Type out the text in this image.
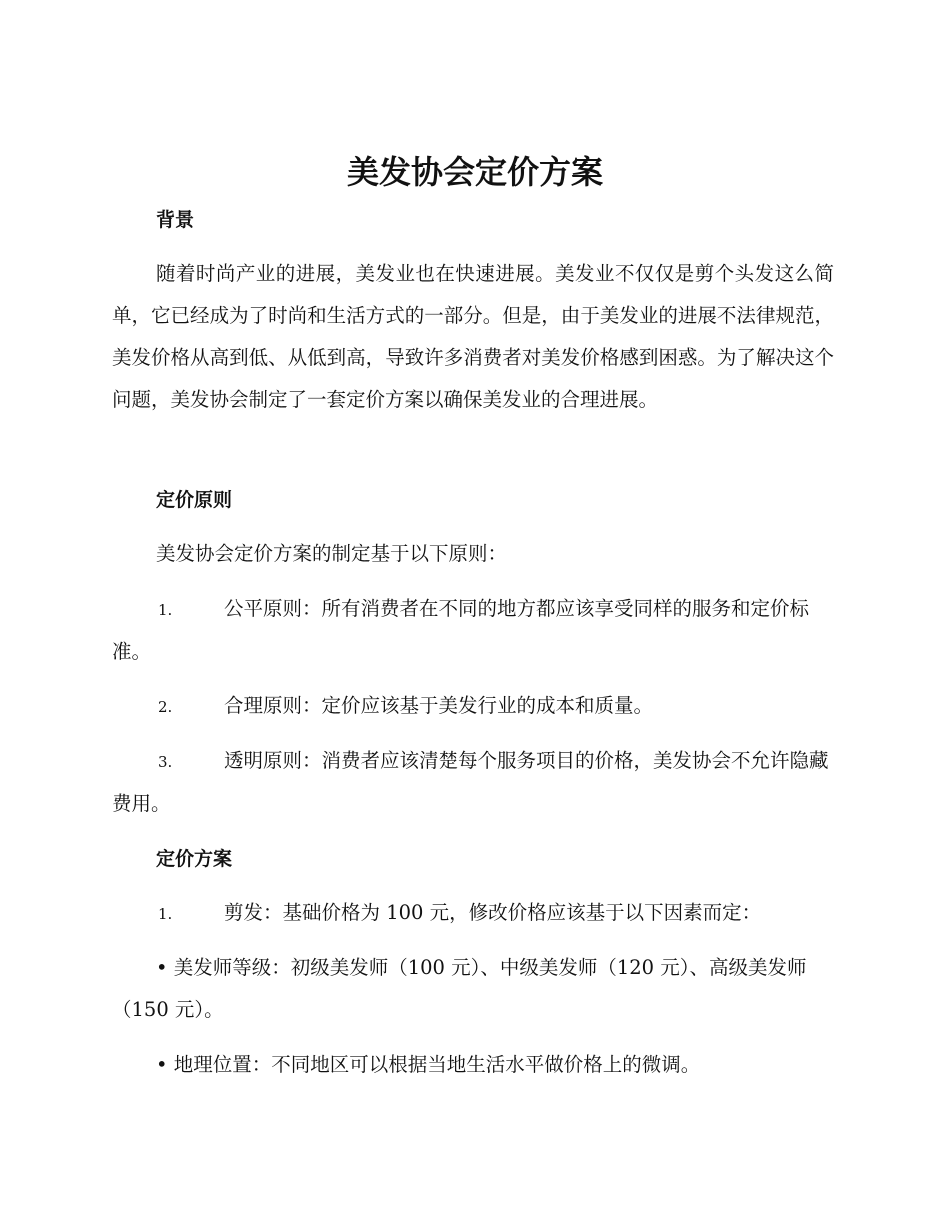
美发协会定价方案
背景

随着时尚产业的进展，美发业也在快速进展。美发业不仅仅是剪个头发这么简单，它已经成为了时尚和生活方式的一部分。但是，由于美发业的进展不法律规范，美发价格从高到低、从低到高，导致许多消费者对美发价格感到困惑。为了解决这个问题，美发协会制定了一套定价方案以确保美发业的合理进展。

定价原则

美发协会定价方案的制定基于以下原则：

1.	公平原则：所有消费者在不同的地方都应该享受同样的服务和定价标准。

2.	合理原则：定价应该基于美发行业的成本和质量。

3.	透明原则：消费者应该清楚每个服务项目的价格，美发协会不允许隐藏费用。

定价方案

1.	剪发：基础价格为 100 元，修改价格应该基于以下因素而定：

• 美发师等级：初级美发师（100 元）、中级美发师（120 元）、高级美发师（150 元）。

• 地理位置：不同地区可以根据当地生活水平做价格上的微调。
